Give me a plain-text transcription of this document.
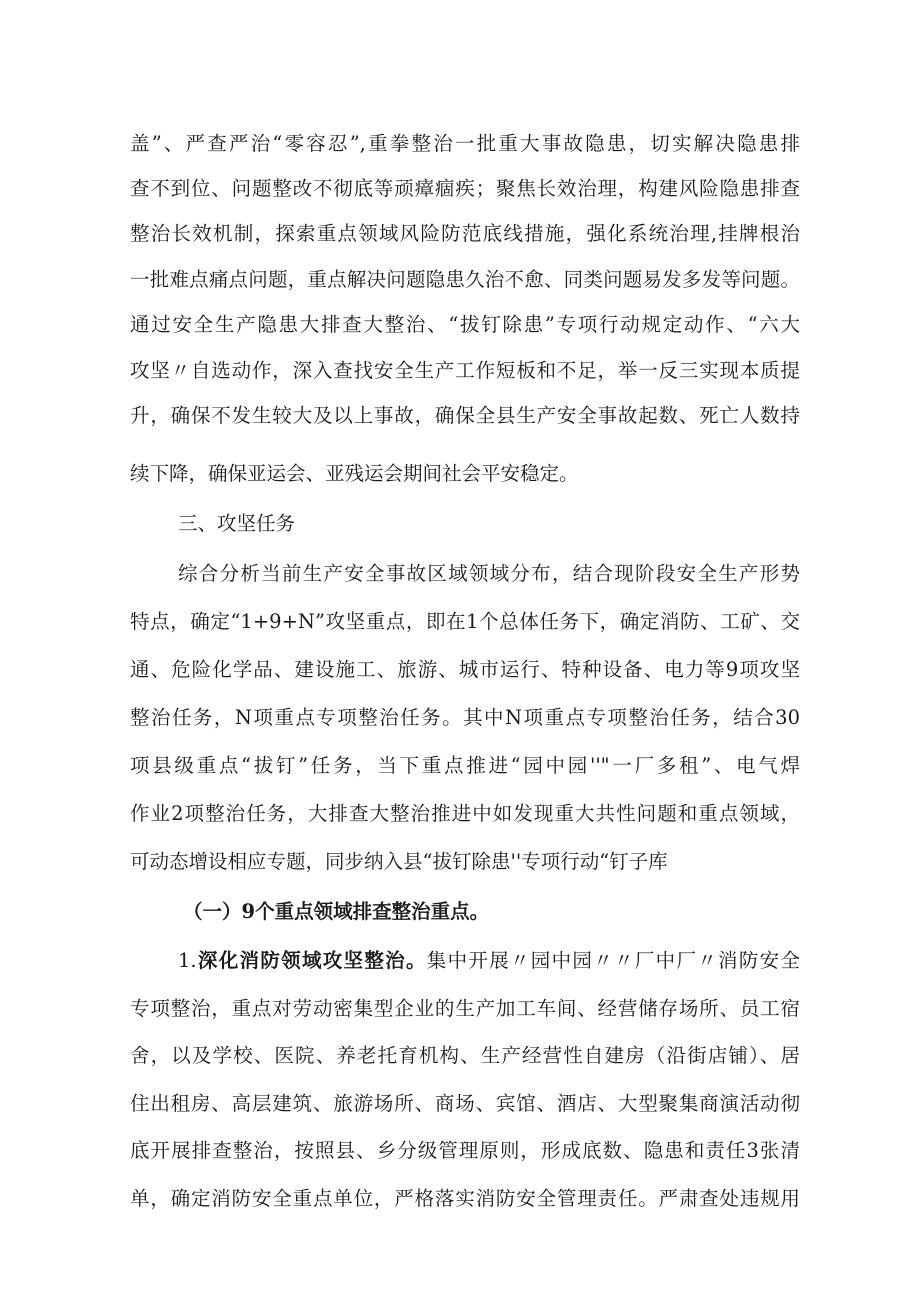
盖”、严查严治“零容忍”,重拳整治一批重大事故隐患，切实解决隐患排
查不到位、问题整改不彻底等顽瘴痼疾；聚焦长效治理，构建风险隐患排查
整治长效机制，探索重点领域风险防范底线措施，强化系统治理,挂牌根治
一批难点痛点问题，重点解决问题隐患久治不愈、同类问题易发多发等问题。
通过安全生产隐患大排查大整治、“拔钉除患”专项行动规定动作、“六大
攻坚〃自选动作，深入查找安全生产工作短板和不足，举一反三实现本质提
升，确保不发生较大及以上事故，确保全县生产安全事故起数、死亡人数持
续下降，确保亚运会、亚残运会期间社会平安稳定。
三、攻坚任务
综合分析当前生产安全事故区域领域分布，结合现阶段安全生产形势
特点，确定“1+9+N”攻坚重点，即在1个总体任务下，确定消防、工矿、交
通、危险化学品、建设施工、旅游、城市运行、特种设备、电力等9项攻坚
整治任务，N项重点专项整治任务。其中N项重点专项整治任务，结合30
项县级重点“拔钉”任务，当下重点推进“园中园''"一厂多租”、电气焊
作业2项整治任务，大排查大整治推进中如发现重大共性问题和重点领域，
可动态增设相应专题，同步纳入县“拔钉除患''专项行动“钉子库
（一）9个重点领域排查整治重点。
1.深化消防领域攻坚整治。集中开展〃园中园〃〃厂中厂〃消防安全
专项整治，重点对劳动密集型企业的生产加工车间、经营储存场所、员工宿
舍，以及学校、医院、养老托育机构、生产经营性自建房（沿街店铺）、居
住出租房、高层建筑、旅游场所、商场、宾馆、酒店、大型聚集商演活动彻
底开展排查整治，按照县、乡分级管理原则，形成底数、隐患和责任3张清
单，确定消防安全重点单位，严格落实消防安全管理责任。严肃查处违规用
